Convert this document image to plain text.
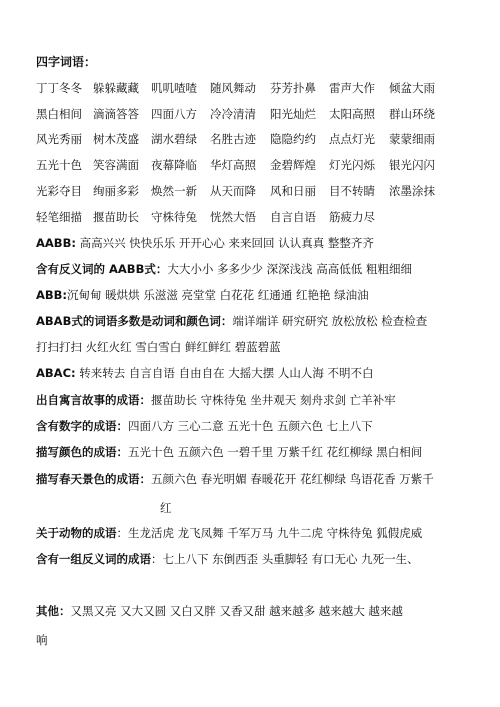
四字词语：
丁丁冬冬 躲躲藏藏 叽叽喳喳 随风舞动 芬芳扑鼻 雷声大作 倾盆大雨
黑白相间 滴滴答答 四面八方 冷冷清清 阳光灿烂 太阳高照 群山环绕
风光秀丽 树木茂盛 湖水碧绿 名胜古迹 隐隐约约 点点灯光 蒙蒙细雨
五光十色 笑容满面 夜幕降临 华灯高照 金碧辉煌 灯光闪烁 银光闪闪
光彩夺目 绚丽多彩 焕然一新 从天而降 风和日丽 目不转睛 浓墨涂抹
轻笔细描 揠苗助长 守株待兔 恍然大悟 自言自语 筋疲力尽
AABB: 高高兴兴 快快乐乐 开开心心 来来回回 认认真真 整整齐齐
含有反义词的 AABB式：大大小小 多多少少 深深浅浅 高高低低 粗粗细细
ABB:沉甸甸 暖烘烘 乐滋滋 亮堂堂 白花花 红通通 红艳艳 绿油油
ABAB式的词语多数是动词和颜色词：端详端详 研究研究 放松放松 检查检查
打扫打扫 火红火红 雪白雪白 鲜红鲜红 碧蓝碧蓝
ABAC: 转来转去 自言自语 自由自在 大摇大摆 人山人海 不明不白
出自寓言故事的成语：揠苗助长 守株待兔 坐井观天 刻舟求剑 亡羊补牢
含有数字的成语：四面八方 三心二意 五光十色 五颜六色 七上八下
描写颜色的成语：五光十色 五颜六色 一碧千里 万紫千红 花红柳绿 黑白相间
描写春天景色的成语：五颜六色 春光明媚 春暖花开 花红柳绿 鸟语花香 万紫千
红
关于动物的成语：生龙活虎 龙飞凤舞 千军万马 九牛二虎 守株待兔 狐假虎威
含有一组反义词的成语：七上八下 东倒西歪 头重脚轻 有口无心 九死一生、
其他：又黑又亮 又大又圆 又白又胖 又香又甜 越来越多 越来越大 越来越
响
